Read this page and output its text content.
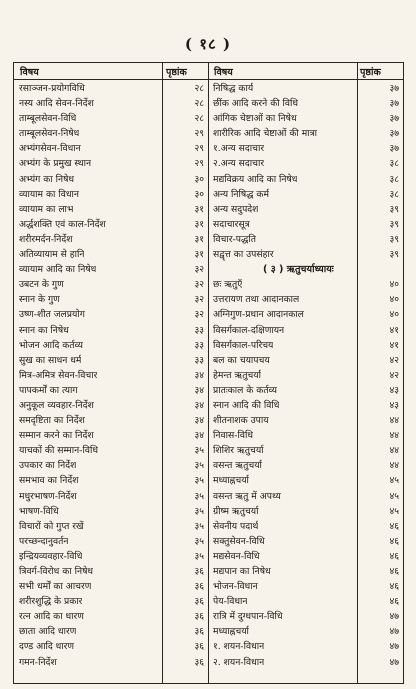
( १८ )
विषय	पृष्ठांक	विषय	पृष्ठांक
रसाञ्जन-प्रयोगविधि	२८
नस्य आदि सेवन-निर्देश	२८
ताम्बूलसेवन-विधि	२८
ताम्बूलसेवन-निषेध	२९
अभ्यंगसेवन-विधान	२९
अभ्यंग के प्रमुख स्थान	२९
अभ्यंग का निषेध	३०
व्यायाम का विधान	३०
व्यायाम का लाभ	३१
अर्द्धशक्ति एवं काल-निर्देश	३१
शरीरमर्दन-निर्देश	३१
अतिव्यायाम से हानि	३१
व्यायाम आदि का निषेध	३२
उबटन के गुण	३२
स्नान के गुण	३२
उष्ण-शीत जलप्रयोग	३२
स्नान का निषेध	३३
भोजन आदि कर्तव्य	३३
सुख का साधन धर्म	३३
मित्र-अमित्र सेवन-विचार	३४
पापकर्मों का त्याग	३४
अनुकूल व्यवहार-निर्देश	३४
समदृष्टिता का निर्देश	३४
सम्मान करने का निर्देश	३४
याचकों की सम्मान-विधि	३५
उपकार का निर्देश	३५
समभाव का निर्देश	३५
मधुरभाषण-निर्देश	३५
भाषण-विधि	३५
विचारों को गुप्त रखें	३५
परच्छन्दानुवर्तन	३५
इन्द्रियव्यवहार-विधि	३५
त्रिवर्ग-विरोध का निषेध	३६
सभी धर्मों का आचरण	३६
शरीरशुद्धि के प्रकार	३६
रत्न आदि का धारण	३६
छाता आदि धारण	३६
दण्ड आदि धारण	३६
गमन-निर्देश	३६
निषिद्ध कार्य	३७
छींक आदि करने की विधि	३७
आंगिक चेष्टाओं का निषेध	३७
शारीरिक आदि चेष्टाओं की मात्रा	३७
१.अन्य सदाचार	३७
२.अन्य सदाचार	३८
मद्यविक्रय आदि का निषेध	३८
अन्य निषिद्ध कर्म	३८
अन्य सदुपदेश	३९
सदाचारसूत्र	३९
विचार-पद्धति	३९
सद्वृत्त का उपसंहार	३९
( ३ ) ऋतुचर्याध्यायः
छः ऋतुएँ	४०
उत्तरायण तथा आदानकाल	४०
अग्निगुण-प्रधान आदानकाल	४०
विसर्गकाल-दक्षिणायन	४१
विसर्गकाल-परिचय	४१
बल का चयापचय	४२
हेमन्त ऋतुचर्या	४२
प्रातःकाल के कर्तव्य	४३
स्नान आदि की विधि	४३
शीतनाशक उपाय	४४
निवास-विधि	४४
शिशिर ऋतुचर्या	४४
वसन्त ऋतुचर्या	४४
मध्याह्नचर्या	४५
वसन्त ऋतु में अपथ्य	४५
ग्रीष्म ऋतुचर्या	४५
सेवनीय पदार्थ	४६
सक्तुसेवन-विधि	४६
मद्यसेवन-विधि	४६
मद्यपान का निषेध	४६
भोजन-विधान	४६
पेय-विधान	४६
रात्रि में दुग्धपान-विधि	४७
मध्याह्नचर्या	४७
१. शयन-विधान	४७
२. शयन-विधान	४७
